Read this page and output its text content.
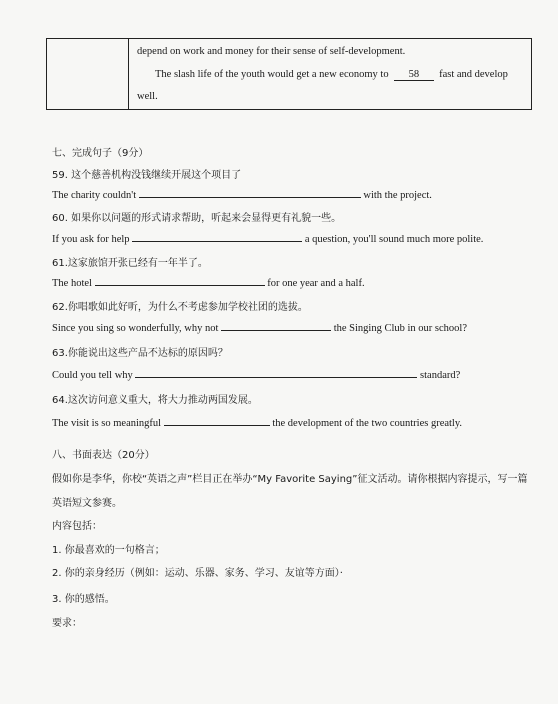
depend on work and money for their sense of self-development.
The slash life of the youth would get a new economy to 58 fast and develop
well.
七、完成句子（9分）
59. 这个慈善机构没钱继续开展这个项目了
The charity couldn't	with the project.
60. 如果你以问题的形式请求帮助，听起来会显得更有礼貌一些。
If you ask for help	a question, you'll sound much more polite.
61.这家旅馆开张已经有一年半了。
The hotel	for one year and a half.
62.你唱歌如此好听，为什么不考虑参加学校社团的选拔。
Since you sing so wonderfully, why not	the Singing Club in our school?
63.你能说出这些产品不达标的原因吗？
Could you tell why	standard?
64.这次访问意义重大，将大力推动两国发展。
The visit is so meaningful	the development of the two countries greatly.
八、书面表达（20分）
假如你是李华，你校“英语之声”栏目正在举办“My Favorite Saying”征文活动。请你根据内容提示，写一篇
英语短文参赛。
内容包括：
1. 你最喜欢的一句格言；
2. 你的亲身经历（例如：运动、乐器、家务、学习、友谊等方面）·
3. 你的感悟。
要求：
